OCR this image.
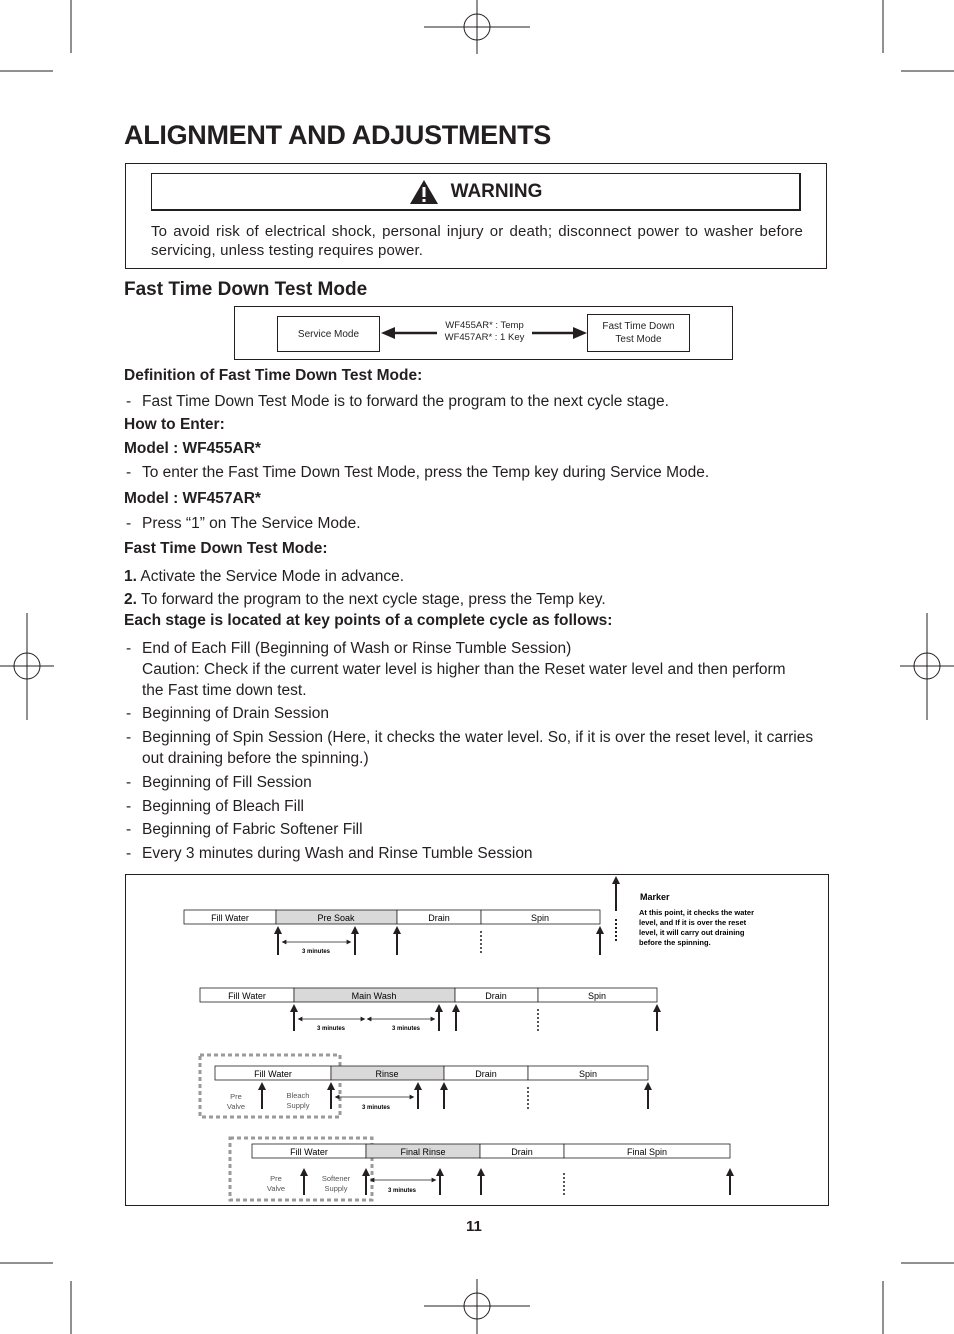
ALIGNMENT AND ADJUSTMENTS
WARNING
To avoid risk of electrical shock, personal injury or death; disconnect power to washer before servicing, unless testing requires power.
Fast Time Down Test Mode
Service Mode
WF455AR* : Temp
WF457AR* : 1 Key
Fast Time Down
Test Mode
Definition of Fast Time Down Test Mode:
- Fast Time Down Test Mode is to forward the program to the next cycle stage.
How to Enter:
Model : WF455AR*
- To enter the Fast Time Down Test Mode, press the Temp key during Service Mode.
Model : WF457AR*
- Press “1” on The Service Mode.
Fast Time Down Test Mode:
1. Activate the Service Mode in advance.
2. To forward the program to the next cycle stage, press the Temp key.
Each stage is located at key points of a complete cycle as follows:
- End of Each Fill (Beginning of Wash or Rinse Tumble Session)
Caution: Check if the current water level is higher than the Reset water level and then perform
the Fast time down test.
- Beginning of Drain Session
- Beginning of Spin Session (Here, it checks the water level. So, if it is over the reset level, it carries
out draining before the spinning.)
- Beginning of Fill Session
- Beginning of Bleach Fill
- Beginning of Fabric Softener Fill
- Every 3 minutes during Wash and Rinse Tumble Session
Marker
At this point, it checks the water
level, and If it is over the reset
level, it will carry out draining
before the spinning.
Fill Water	Pre Soak	Drain	Spin
3 minutes
Fill Water	Main Wash	Drain	Spin
3 minutes	3 minutes
Fill Water	Rinse	Drain	Spin
Pre
Valve
Bleach
Supply	3 minutes
Fill Water	Final Rinse	Drain	Final Spin
Pre
Valve
Softener
Supply	3 minutes
11
